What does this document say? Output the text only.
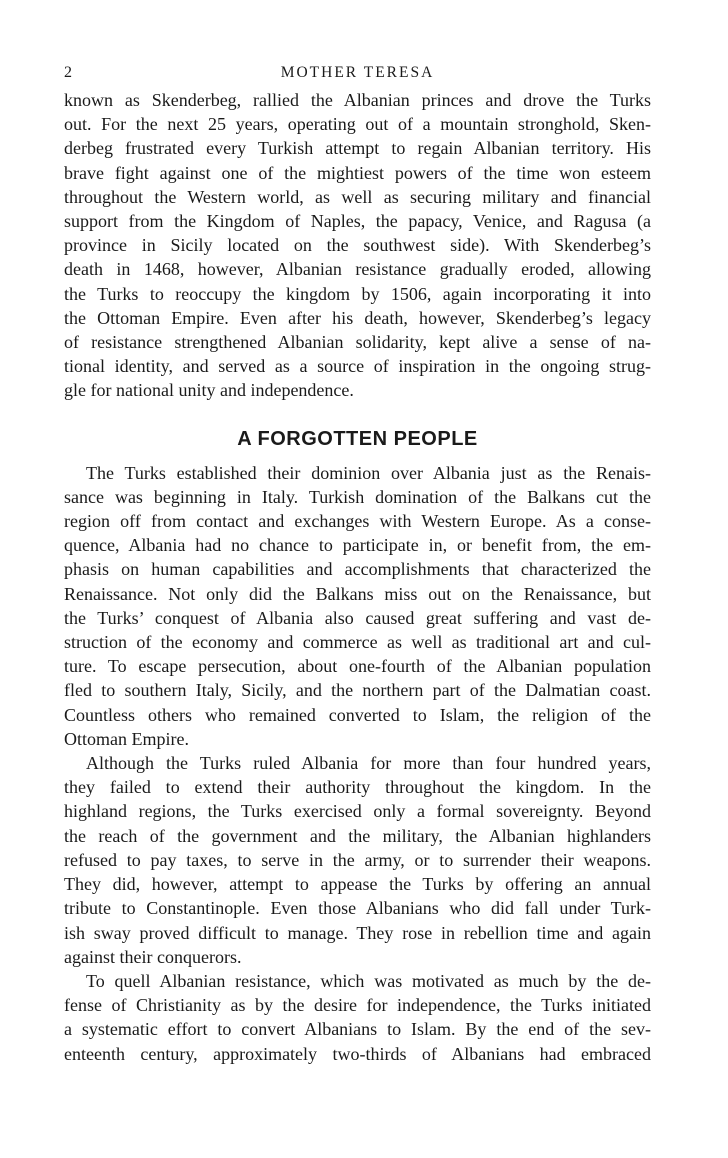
2	MOTHER TERESA

known as Skenderbeg, rallied the Albanian princes and drove the Turks
out. For the next 25 years, operating out of a mountain stronghold, Sken-
derbeg frustrated every Turkish attempt to regain Albanian territory. His
brave fight against one of the mightiest powers of the time won esteem
throughout the Western world, as well as securing military and financial
support from the Kingdom of Naples, the papacy, Venice, and Ragusa (a
province in Sicily located on the southwest side). With Skenderbeg’s
death in 1468, however, Albanian resistance gradually eroded, allowing
the Turks to reoccupy the kingdom by 1506, again incorporating it into
the Ottoman Empire. Even after his death, however, Skenderbeg’s legacy
of resistance strengthened Albanian solidarity, kept alive a sense of na-
tional identity, and served as a source of inspiration in the ongoing strug-
gle for national unity and independence.

A FORGOTTEN PEOPLE

The Turks established their dominion over Albania just as the Renais-
sance was beginning in Italy. Turkish domination of the Balkans cut the
region off from contact and exchanges with Western Europe. As a conse-
quence, Albania had no chance to participate in, or benefit from, the em-
phasis on human capabilities and accomplishments that characterized the
Renaissance. Not only did the Balkans miss out on the Renaissance, but
the Turks’ conquest of Albania also caused great suffering and vast de-
struction of the economy and commerce as well as traditional art and cul-
ture. To escape persecution, about one-fourth of the Albanian population
fled to southern Italy, Sicily, and the northern part of the Dalmatian coast.
Countless others who remained converted to Islam, the religion of the
Ottoman Empire.

Although the Turks ruled Albania for more than four hundred years,
they failed to extend their authority throughout the kingdom. In the
highland regions, the Turks exercised only a formal sovereignty. Beyond
the reach of the government and the military, the Albanian highlanders
refused to pay taxes, to serve in the army, or to surrender their weapons.
They did, however, attempt to appease the Turks by offering an annual
tribute to Constantinople. Even those Albanians who did fall under Turk-
ish sway proved difficult to manage. They rose in rebellion time and again
against their conquerors.

To quell Albanian resistance, which was motivated as much by the de-
fense of Christianity as by the desire for independence, the Turks initiated
a systematic effort to convert Albanians to Islam. By the end of the sev-
enteenth century, approximately two-thirds of Albanians had embraced
